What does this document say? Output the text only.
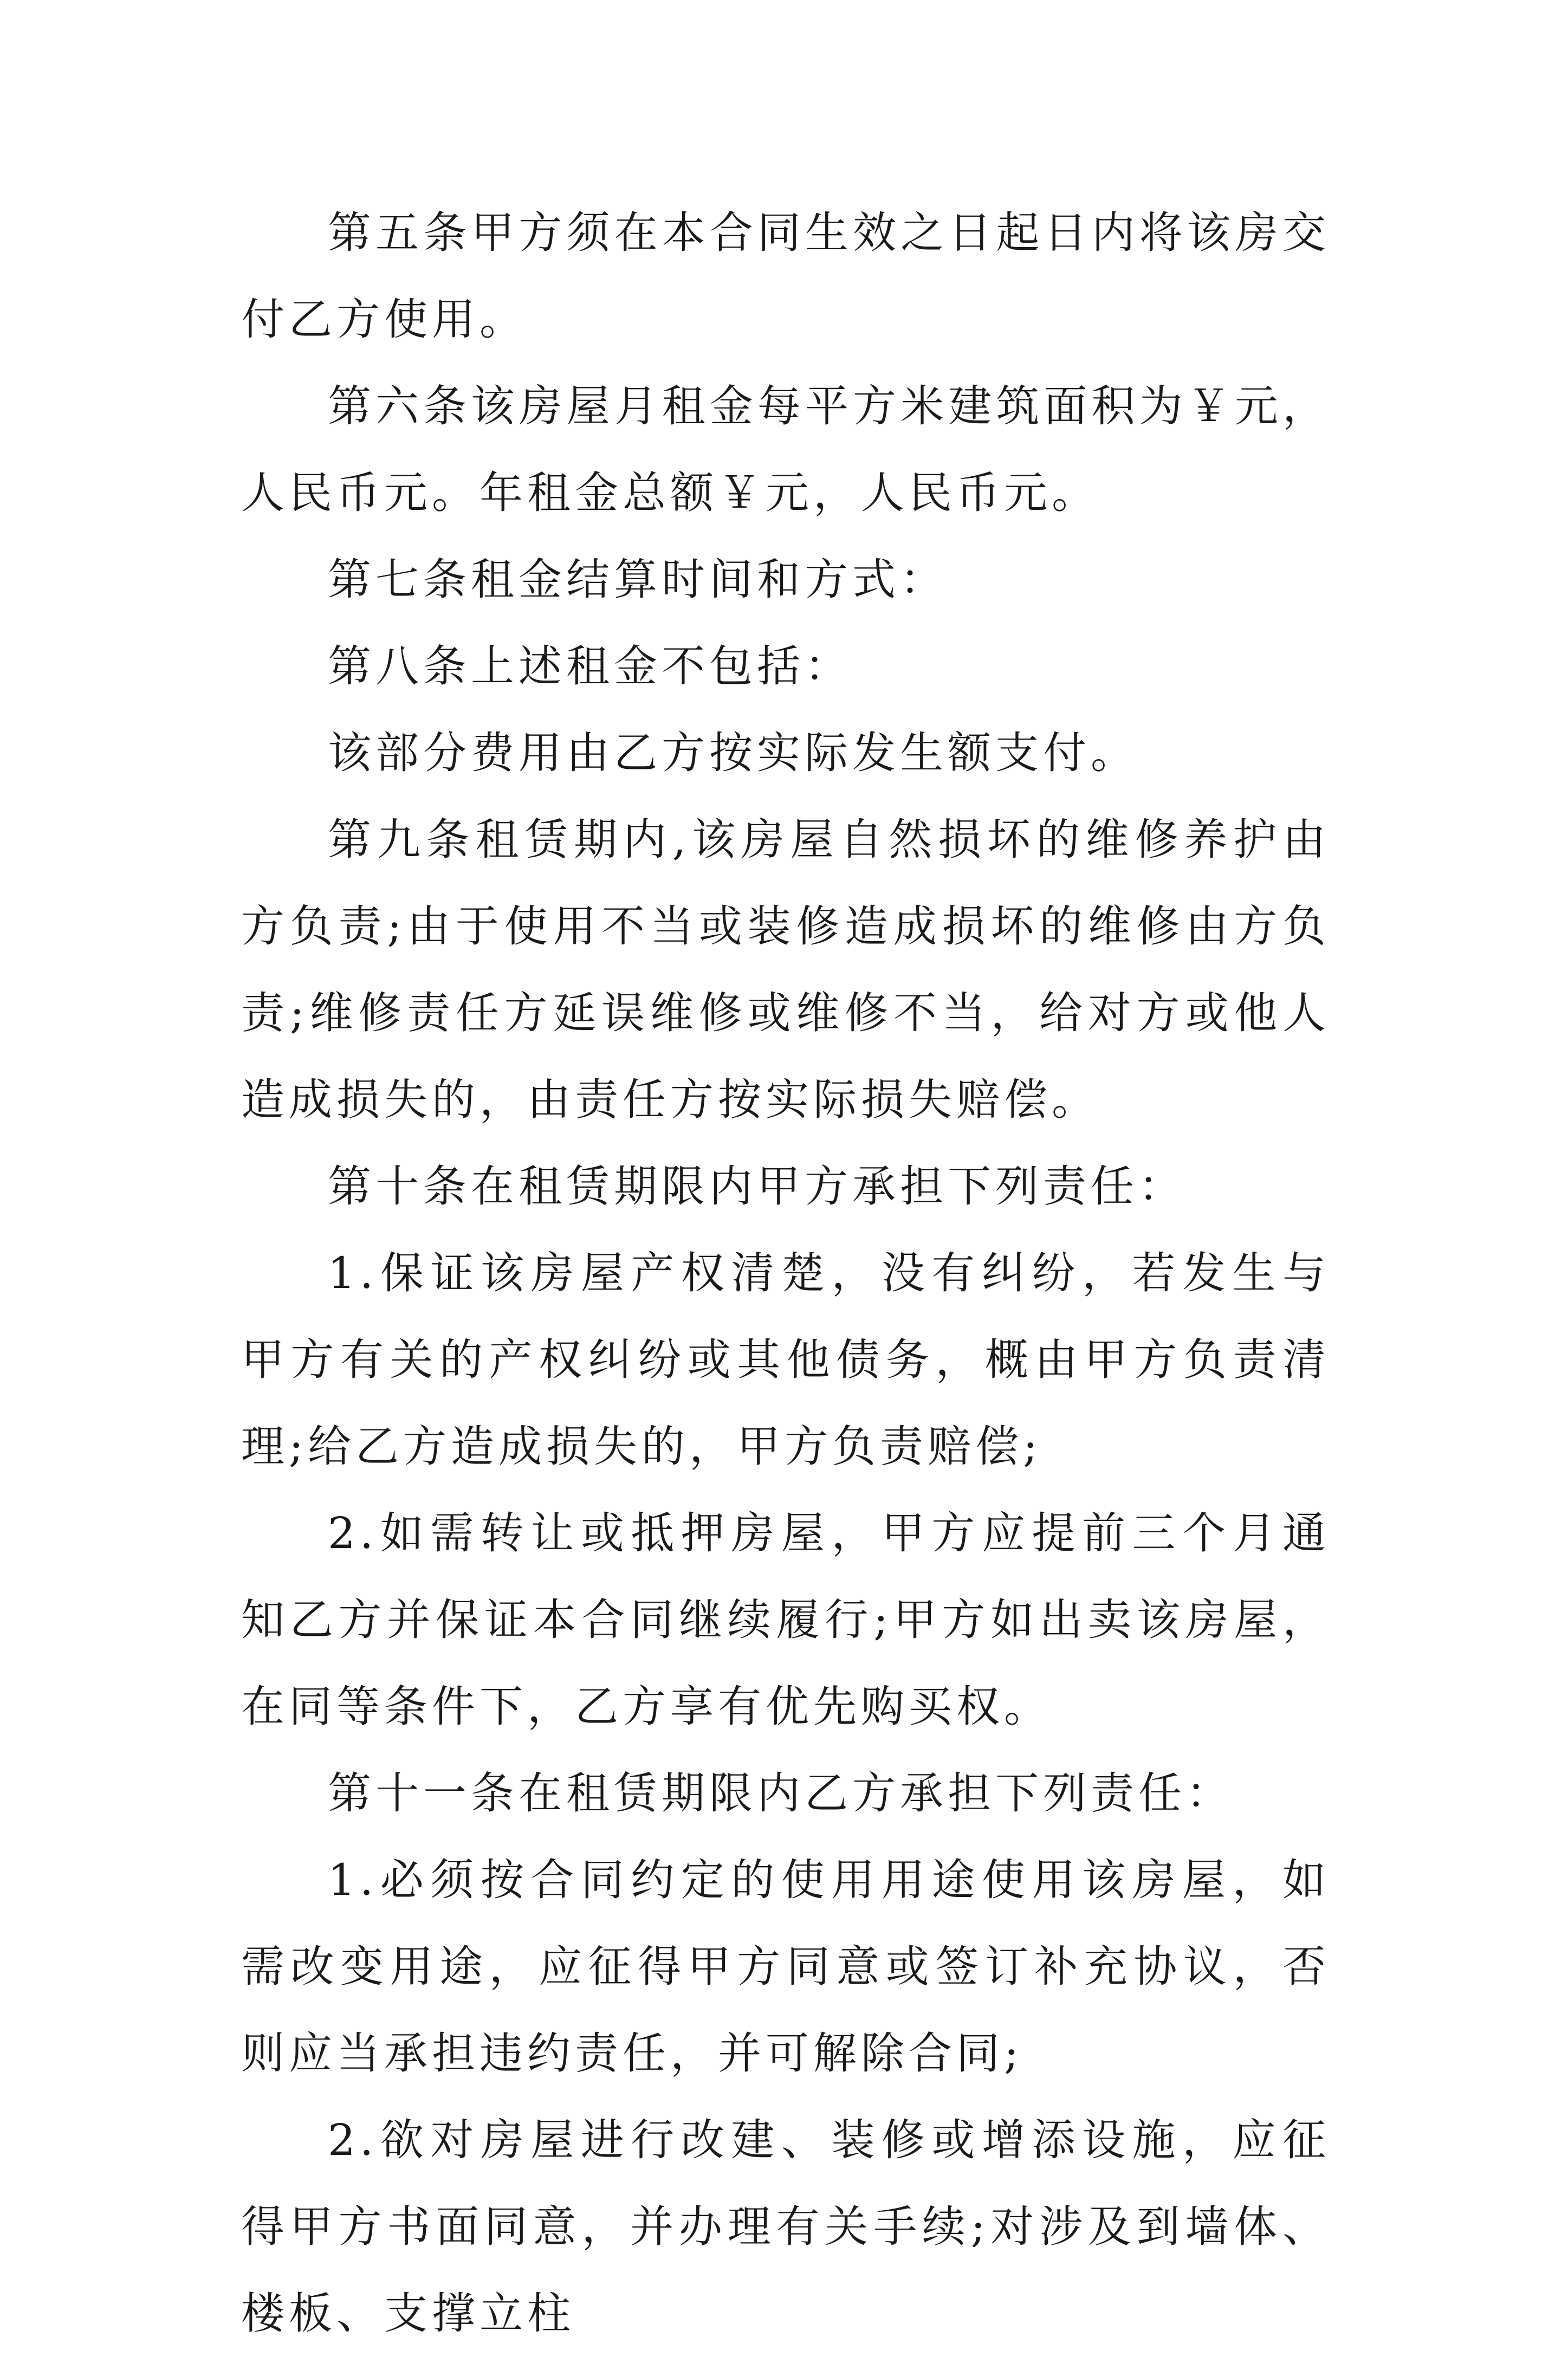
第五条甲方须在本合同生效之日起日内将该房交付乙方使用。

第六条该房屋月租金每平方米建筑面积为￥元，人民币元。年租金总额￥元，人民币元。

第七条租金结算时间和方式：

第八条上述租金不包括：

该部分费用由乙方按实际发生额支付。

第九条租赁期内,该房屋自然损坏的维修养护由方负责;由于使用不当或装修造成损坏的维修由方负责;维修责任方延误维修或维修不当，给对方或他人造成损失的，由责任方按实际损失赔偿。

第十条在租赁期限内甲方承担下列责任：

1.保证该房屋产权清楚，没有纠纷，若发生与甲方有关的产权纠纷或其他债务，概由甲方负责清理;给乙方造成损失的，甲方负责赔偿;

2.如需转让或抵押房屋，甲方应提前三个月通知乙方并保证本合同继续履行;甲方如出卖该房屋，在同等条件下，乙方享有优先购买权。

第十一条在租赁期限内乙方承担下列责任：

1.必须按合同约定的使用用途使用该房屋，如需改变用途，应征得甲方同意或签订补充协议，否则应当承担违约责任，并可解除合同;

2.欲对房屋进行改建、装修或增添设施，应征得甲方书面同意，并办理有关手续;对涉及到墙体、楼板、支撑立柱
